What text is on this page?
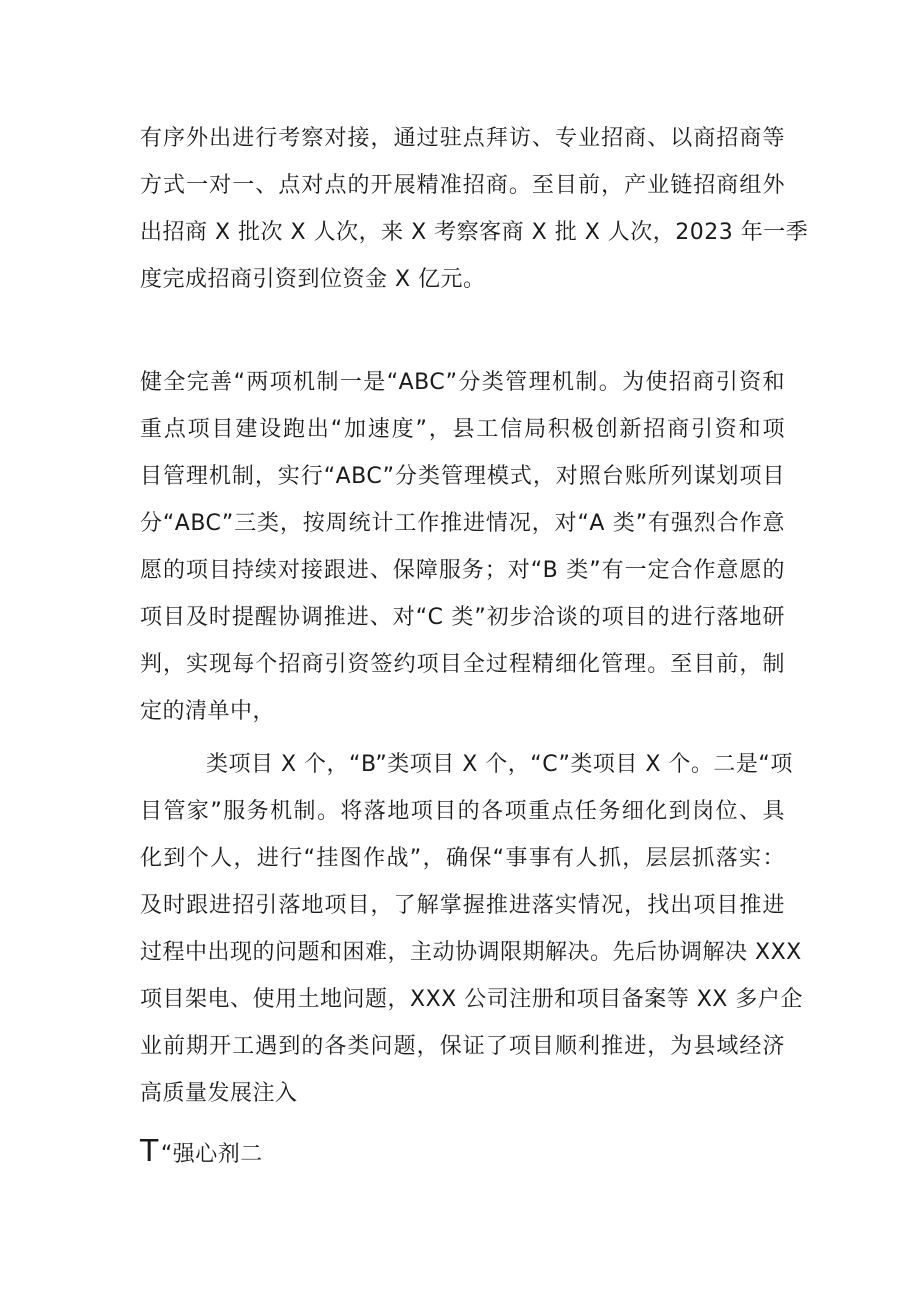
有序外出进行考察对接，通过驻点拜访、专业招商、以商招商等
方式一对一、点对点的开展精准招商。至目前，产业链招商组外
出招商 X 批次 X 人次，来 X 考察客商 X 批 X 人次，2023 年一季
度完成招商引资到位资金 X 亿元。
健全完善“两项机制一是“ABC”分类管理机制。为使招商引资和
重点项目建设跑出“加速度”，县工信局积极创新招商引资和项
目管理机制，实行“ABC”分类管理模式，对照台账所列谋划项目
分“ABC”三类，按周统计工作推进情况，对“A 类”有强烈合作意
愿的项目持续对接跟进、保障服务；对“B 类”有一定合作意愿的
项目及时提醒协调推进、对“C 类”初步洽谈的项目的进行落地研
判，实现每个招商引资签约项目全过程精细化管理。至目前，制
定的清单中，
类项目 X 个，“B”类项目 X 个，“C”类项目 X 个。二是“项
目管家”服务机制。将落地项目的各项重点任务细化到岗位、具
化到个人，进行“挂图作战”，确保“事事有人抓，层层抓落实：
及时跟进招引落地项目，了解掌握推进落实情况，找出项目推进
过程中出现的问题和困难，主动协调限期解决。先后协调解决 XXX
项目架电、使用土地问题，XXX 公司注册和项目备案等 XX 多户企
业前期开工遇到的各类问题，保证了项目顺利推进，为县域经济
高质量发展注入
T“强心剂二
